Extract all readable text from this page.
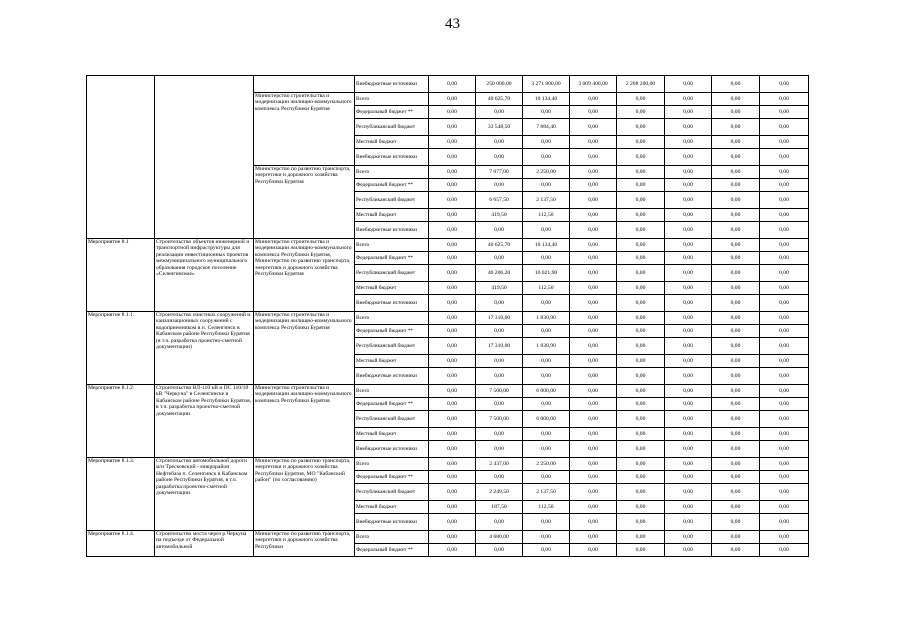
43
			Внебюджетные источники	0,00	250 000,00	3 271 800,00	3 009 400,00	2 208 200,00	0,00	0,00	0,00
		Министерство строительства и модернизации жилищно-коммунального комплекса Республики Бурятия	Всего	0,00	40 625,70	10 134,40	0,00	0,00	0,00	0,00	0,00
			Федеральный бюджет **	0,00	0,00	0,00	0,00	0,00	0,00	0,00	0,00
			Республиканский бюджет	0,00	33 548,50	7 884,40	0,00	0,00	0,00	0,00	0,00
			Местный бюджет	0,00	0,00	0,00	0,00	0,00	0,00	0,00	0,00
			Внебюджетные источники	0,00	0,00	0,00	0,00	0,00	0,00	0,00	0,00
		Министерство по развитию транспорта, энергетики и дорожного хозяйства Республики Бурятия	Всего	0,00	7 077,00	2 250,00	0,00	0,00	0,00	0,00	0,00
			Федеральный бюджет **	0,00	0,00	0,00	0,00	0,00	0,00	0,00	0,00
			Республиканский бюджет	0,00	6 657,50	2 137,50	0,00	0,00	0,00	0,00	0,00
			Местный бюджет	0,00	419,50	112,50	0,00	0,00	0,00	0,00	0,00
			Внебюджетные источники	0,00	0,00	0,00	0,00	0,00	0,00	0,00	0,00
Мероприятие 8.1	Строительство объектов инженерной и транспортной инфраструктуры для реализации инвестиционных проектов межмуниципального муниципального образования городское поселение «Селенгинское»	Министерство строительства и модернизации жилищно-коммунального комплекса Республики Бурятия, Министерство по развитию транспорта, энергетики и дорожного хозяйства Республики Бурятия	Всего	0,00	40 625,70	10 134,40	0,00	0,00	0,00	0,00	0,00
			Федеральный бюджет **	0,00	0,00	0,00	0,00	0,00	0,00	0,00	0,00
			Республиканский бюджет	0,00	40 206,20	10 021,90	0,00	0,00	0,00	0,00	0,00
			Местный бюджет	0,00	419,50	112,50	0,00	0,00	0,00	0,00	0,00
			Внебюджетные источники	0,00	0,00	0,00	0,00	0,00	0,00	0,00	0,00
Мероприятие 8.1.1.	Строительство очистных сооружений и канализационных сооружений с водоприемником в п. Селенгинск в Кабанском районе Республики Бурятия (в т.ч. разработка проектно-сметной документации)	Министерство строительства и модернизации жилищно-коммунального комплекса Республики Бурятия	Всего	0,00	17 310,00	1 830,90	0,00	0,00	0,00	0,00	0,00
			Федеральный бюджет **	0,00	0,00	0,00	0,00	0,00	0,00	0,00	0,00
			Республиканский бюджет	0,00	17 310,00	1 830,90	0,00	0,00	0,00	0,00	0,00
			Местный бюджет	0,00	0,00	0,00	0,00	0,00	0,00	0,00	0,00
			Внебюджетные источники	0,00	0,00	0,00	0,00	0,00	0,00	0,00	0,00
Мероприятие 8.1.2.	Строительство ВЛ-110 кВ и ПС 110/10 кВ "Черкуна" в Селенгинске в Кабанском районе Республики Бурятия, в т.ч. разработка проектно-сметной документации	Министерство строительства и модернизации жилищно-коммунального комплекса Республики Бурятия	Всего	0,00	7 500,00	6 000,00	0,00	0,00	0,00	0,00	0,00
			Федеральный бюджет **	0,00	0,00	0,00	0,00	0,00	0,00	0,00	0,00
			Республиканский бюджет	0,00	7 500,00	6 000,00	0,00	0,00	0,00	0,00	0,00
			Местный бюджет	0,00	0,00	0,00	0,00	0,00	0,00	0,00	0,00
			Внебюджетные источники	0,00	0,00	0,00	0,00	0,00	0,00	0,00	0,00
Мероприятие 8.1.3.	Строительство автомобильной дороги м/н Тресковский - микрорайон Нефтебаза п. Селенгинск в Кабанском районе Республики Бурятия, в т.ч. разработка проектно-сметной документации	Министерство по развитию транспорта, энергетики и дорожного хозяйства Республики Бурятия, МО "Кабанский район" (по согласованию)	Всего	0,00	2 437,00	2 250,00	0,00	0,00	0,00	0,00	0,00
			Федеральный бюджет **	0,00	0,00	0,00	0,00	0,00	0,00	0,00	0,00
			Республиканский бюджет	0,00	2 249,50	2 137,50	0,00	0,00	0,00	0,00	0,00
			Местный бюджет	0,00	187,50	112,50	0,00	0,00	0,00	0,00	0,00
			Внебюджетные источники	0,00	0,00	0,00	0,00	0,00	0,00	0,00	0,00
Мероприятие 8.1.4.	Строительство моста через р.Черкуна на подъезде от Федеральной автомобильной	Министерство по развитию транспорта, энергетики и дорожного хозяйства Республики	Всего	0,00	4 680,00	0,00	0,00	0,00	0,00	0,00	0,00
			Федеральный бюджет **	0,00	0,00	0,00	0,00	0,00	0,00	0,00	0,00
